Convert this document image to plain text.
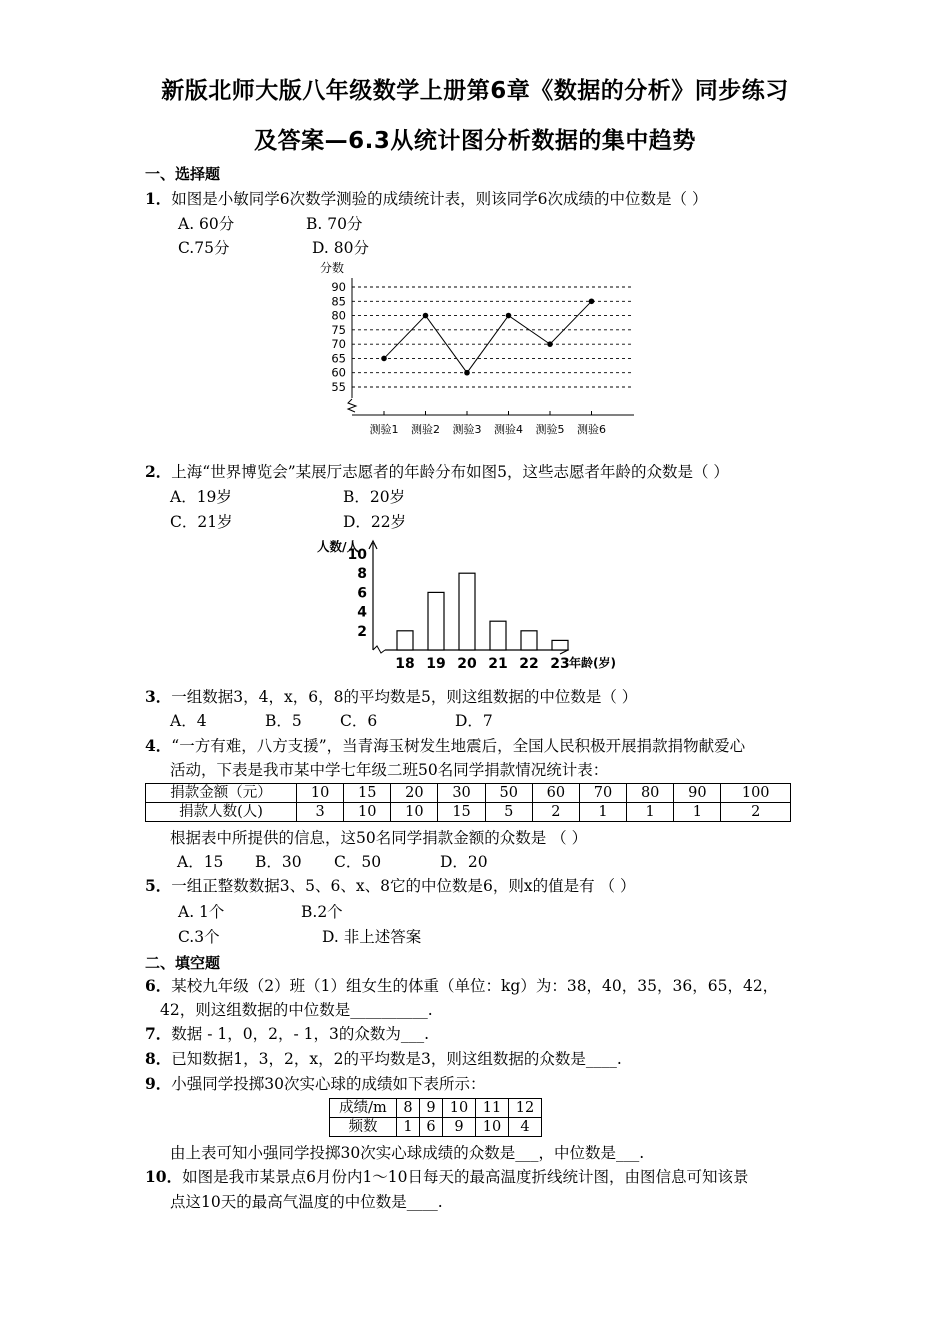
新版北师大版八年级数学上册第6章《数据的分析》同步练习
及答案—6.3从统计图分析数据的集中趋势
一、选择题
1．如图是小敏同学6次数学测验的成绩统计表，则该同学6次成绩的中位数是（ ）
A. 60分	B. 70分
C.75分	D. 80分
分数
55
60
65
70
75
80
85
90
测验1 测验2 测验3 测验4 测验5 测验6
2．上海“世界博览会”某展厅志愿者的年龄分布如图5，这些志愿者年龄的众数是（ ）
A．19岁	B．20岁
C．21岁	D．22岁
人数/人
2
4
6
8
10
18 19 20 21 22 23 年龄(岁)
3．一组数据3，4，x，6，8的平均数是5，则这组数据的中位数是（ ）
A．4	B．5 C．6	D．7
4．“一方有难，八方支援”，当青海玉树发生地震后，全国人民积极开展捐款捐物献爱心
活动，下表是我市某中学七年级二班50名同学捐款情况统计表：
捐款金额（元）	10	15	20	30	50	60	70	80	90	100
捐款人数(人)	3	10	10	15	5	2	1	1	1	2
根据表中所提供的信息，这50名同学捐款金额的众数是 （ ）
A．15 B．30 C．50	D．20
5．一组正整数数据3、5、6、x、8它的中位数是6，则x的值是有 （ ）
A. 1个	B.2个
C.3个	D. 非上述答案
二、填空题
6．某校九年级（2）班（1）组女生的体重（单位：kg）为：38，40，35，36，65，42，
42，则这组数据的中位数是__________.
7．数据 - 1，0，2，- 1，3的众数为___.
8．已知数据1，3，2，x，2的平均数是3，则这组数据的众数是____.
9．小强同学投掷30次实心球的成绩如下表所示：
成绩/m	8	9	10	11	12
频数	1	6	9	10	4
由上表可知小强同学投掷30次实心球成绩的众数是___，中位数是___.
10．如图是我市某景点6月份内1～10日每天的最高温度折线统计图，由图信息可知该景
点这10天的最高气温度的中位数是____.
